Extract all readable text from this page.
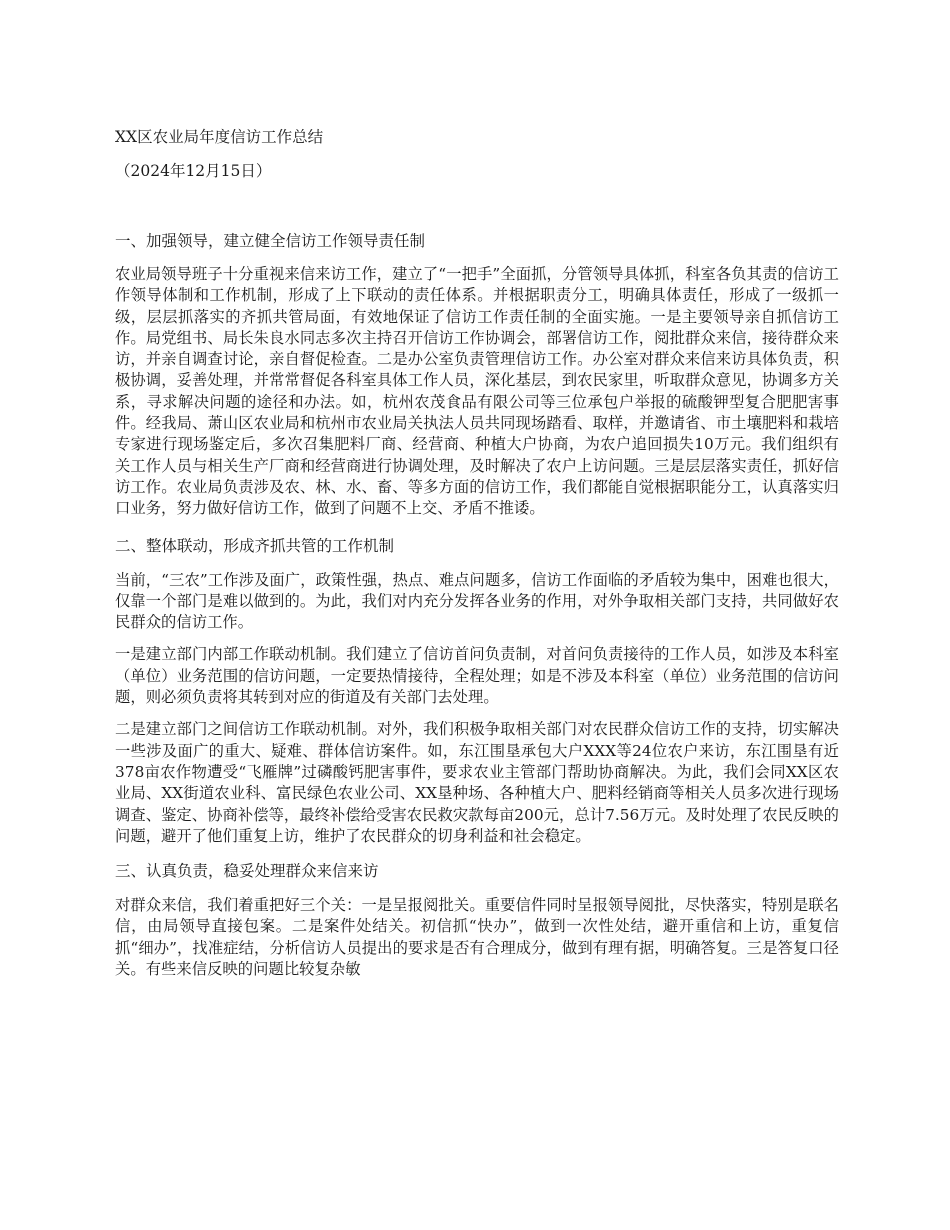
XX区农业局年度信访工作总结

（2024年12月15日）

一、加强领导，建立健全信访工作领导责任制

农业局领导班子十分重视来信来访工作，建立了“一把手”全面抓，分管领导具体抓，科室各负其责的信访工作领导体制和工作机制，形成了上下联动的责任体系。并根据职责分工，明确具体责任，形成了一级抓一级，层层抓落实的齐抓共管局面，有效地保证了信访工作责任制的全面实施。一是主要领导亲自抓信访工作。局党组书、局长朱良水同志多次主持召开信访工作协调会，部署信访工作，阅批群众来信，接待群众来访，并亲自调查讨论，亲自督促检查。二是办公室负责管理信访工作。办公室对群众来信来访具体负责，积极协调，妥善处理，并常常督促各科室具体工作人员，深化基层，到农民家里，听取群众意见，协调多方关系，寻求解决问题的途径和办法。如，杭州农茂食品有限公司等三位承包户举报的硫酸钾型复合肥肥害事件。经我局、萧山区农业局和杭州市农业局关执法人员共同现场踏看、取样，并邀请省、市土壤肥料和栽培专家进行现场鉴定后，多次召集肥料厂商、经营商、种植大户协商，为农户追回损失10万元。我们组织有关工作人员与相关生产厂商和经营商进行协调处理，及时解决了农户上访问题。三是层层落实责任，抓好信访工作。农业局负责涉及农、林、水、畜、等多方面的信访工作，我们都能自觉根据职能分工，认真落实归口业务，努力做好信访工作，做到了问题不上交、矛盾不推诿。

二、整体联动，形成齐抓共管的工作机制

当前，“三农”工作涉及面广，政策性强，热点、难点问题多，信访工作面临的矛盾较为集中，困难也很大，仅靠一个部门是难以做到的。为此，我们对内充分发挥各业务的作用，对外争取相关部门支持，共同做好农民群众的信访工作。

一是建立部门内部工作联动机制。我们建立了信访首问负责制，对首问负责接待的工作人员，如涉及本科室（单位）业务范围的信访问题，一定要热情接待，全程处理；如是不涉及本科室（单位）业务范围的信访问题，则必须负责将其转到对应的街道及有关部门去处理。

二是建立部门之间信访工作联动机制。对外，我们积极争取相关部门对农民群众信访工作的支持，切实解决一些涉及面广的重大、疑难、群体信访案件。如，东江围垦承包大户XXX等24位农户来访，东江围垦有近378亩农作物遭受“飞雁牌”过磷酸钙肥害事件，要求农业主管部门帮助协商解决。为此，我们会同XX区农业局、XX街道农业科、富民绿色农业公司、XX垦种场、各种植大户、肥料经销商等相关人员多次进行现场调查、鉴定、协商补偿等，最终补偿给受害农民救灾款每亩200元，总计7.56万元。及时处理了农民反映的问题，避开了他们重复上访，维护了农民群众的切身利益和社会稳定。

三、认真负责，稳妥处理群众来信来访

对群众来信，我们着重把好三个关：一是呈报阅批关。重要信件同时呈报领导阅批，尽快落实，特别是联名信，由局领导直接包案。二是案件处结关。初信抓“快办”，做到一次性处结，避开重信和上访，重复信抓“细办”，找准症结，分析信访人员提出的要求是否有合理成分，做到有理有据，明确答复。三是答复口径关。有些来信反映的问题比较复杂敏
